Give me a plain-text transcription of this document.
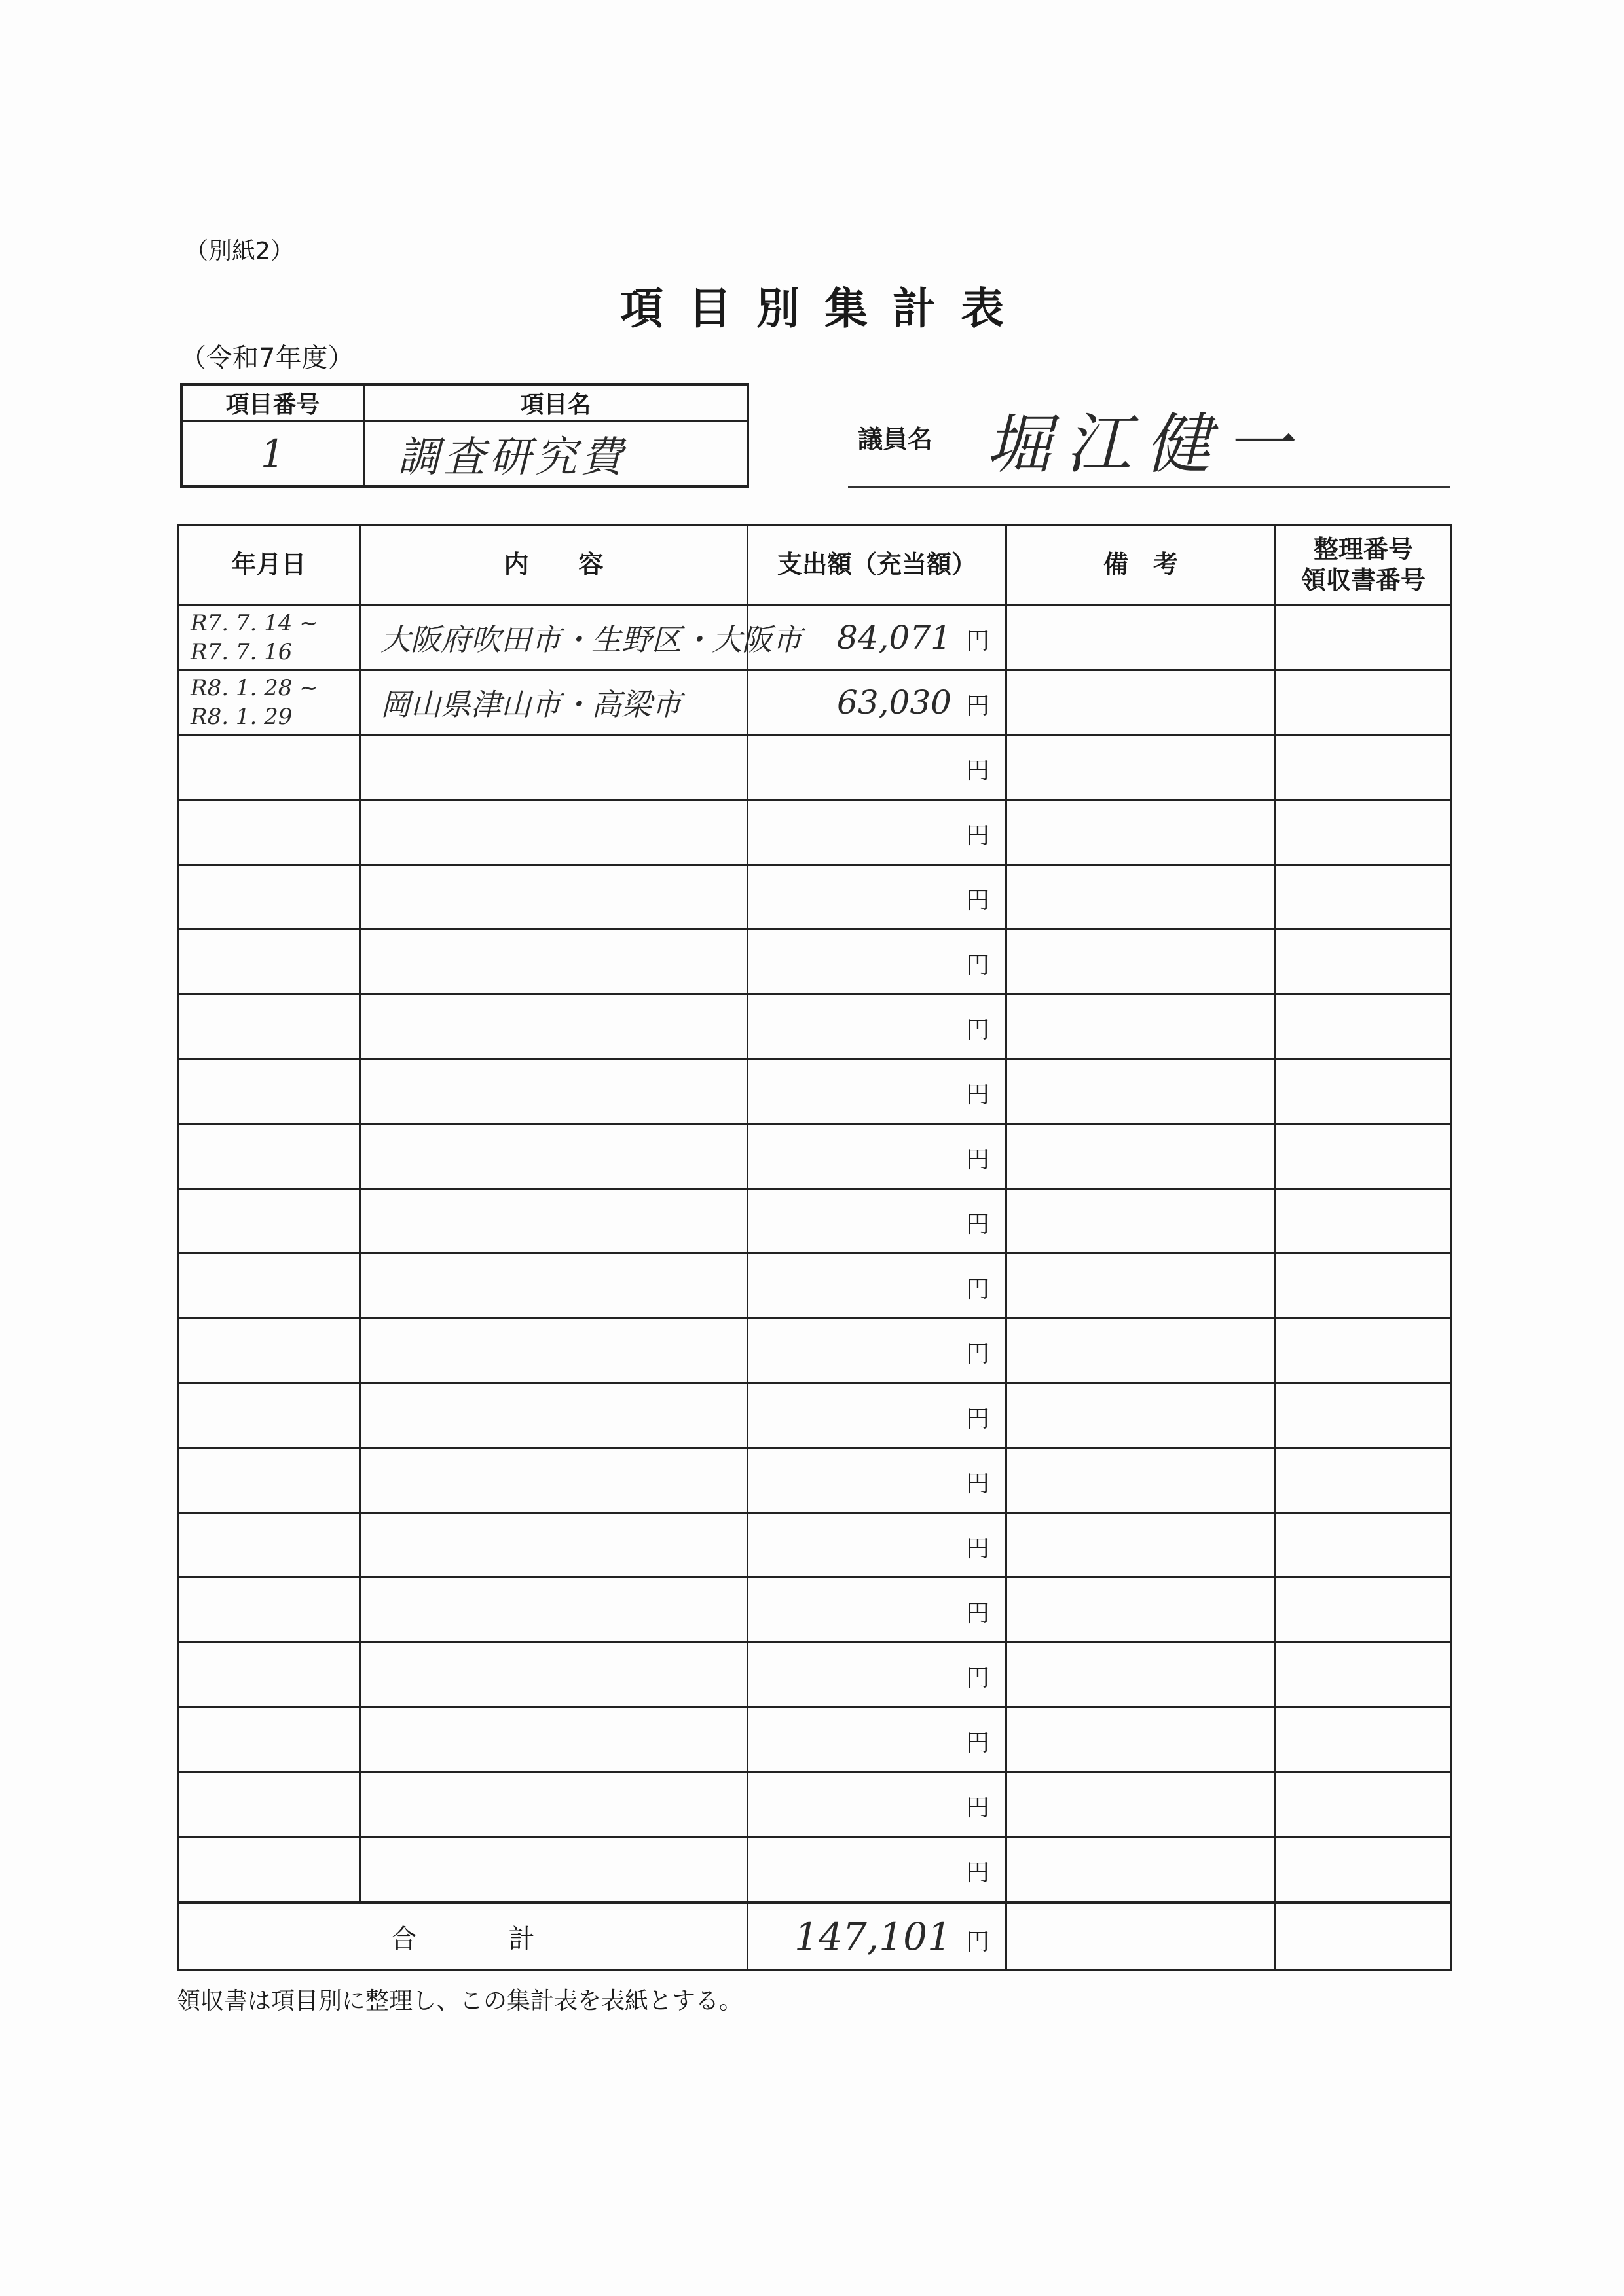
（別紙2）
項目別集計表
（令和7年度）
項目番号	項目名
1	調査研究費	議員名 堀江健一
年月日	内　　容	支出額（充当額）	備　考	整理番号
領収書番号

R7. 7. 14 ~
R7. 7. 16	大阪府吹田市・生野区・大阪市	84,071 円		

R8. 1. 28 ~
R8. 1. 29	岡山県津山市・高梁市	63,030 円		

		円		

		円		

		円		

		円		

		円		

		円		

		円		

		円		

		円		

		円		

		円		

		円		

		円		

		円		

		円		

		円		

		円		

		円		
合計		147,101 円		
領収書は項目別に整理し、この集計表を表紙とする。
